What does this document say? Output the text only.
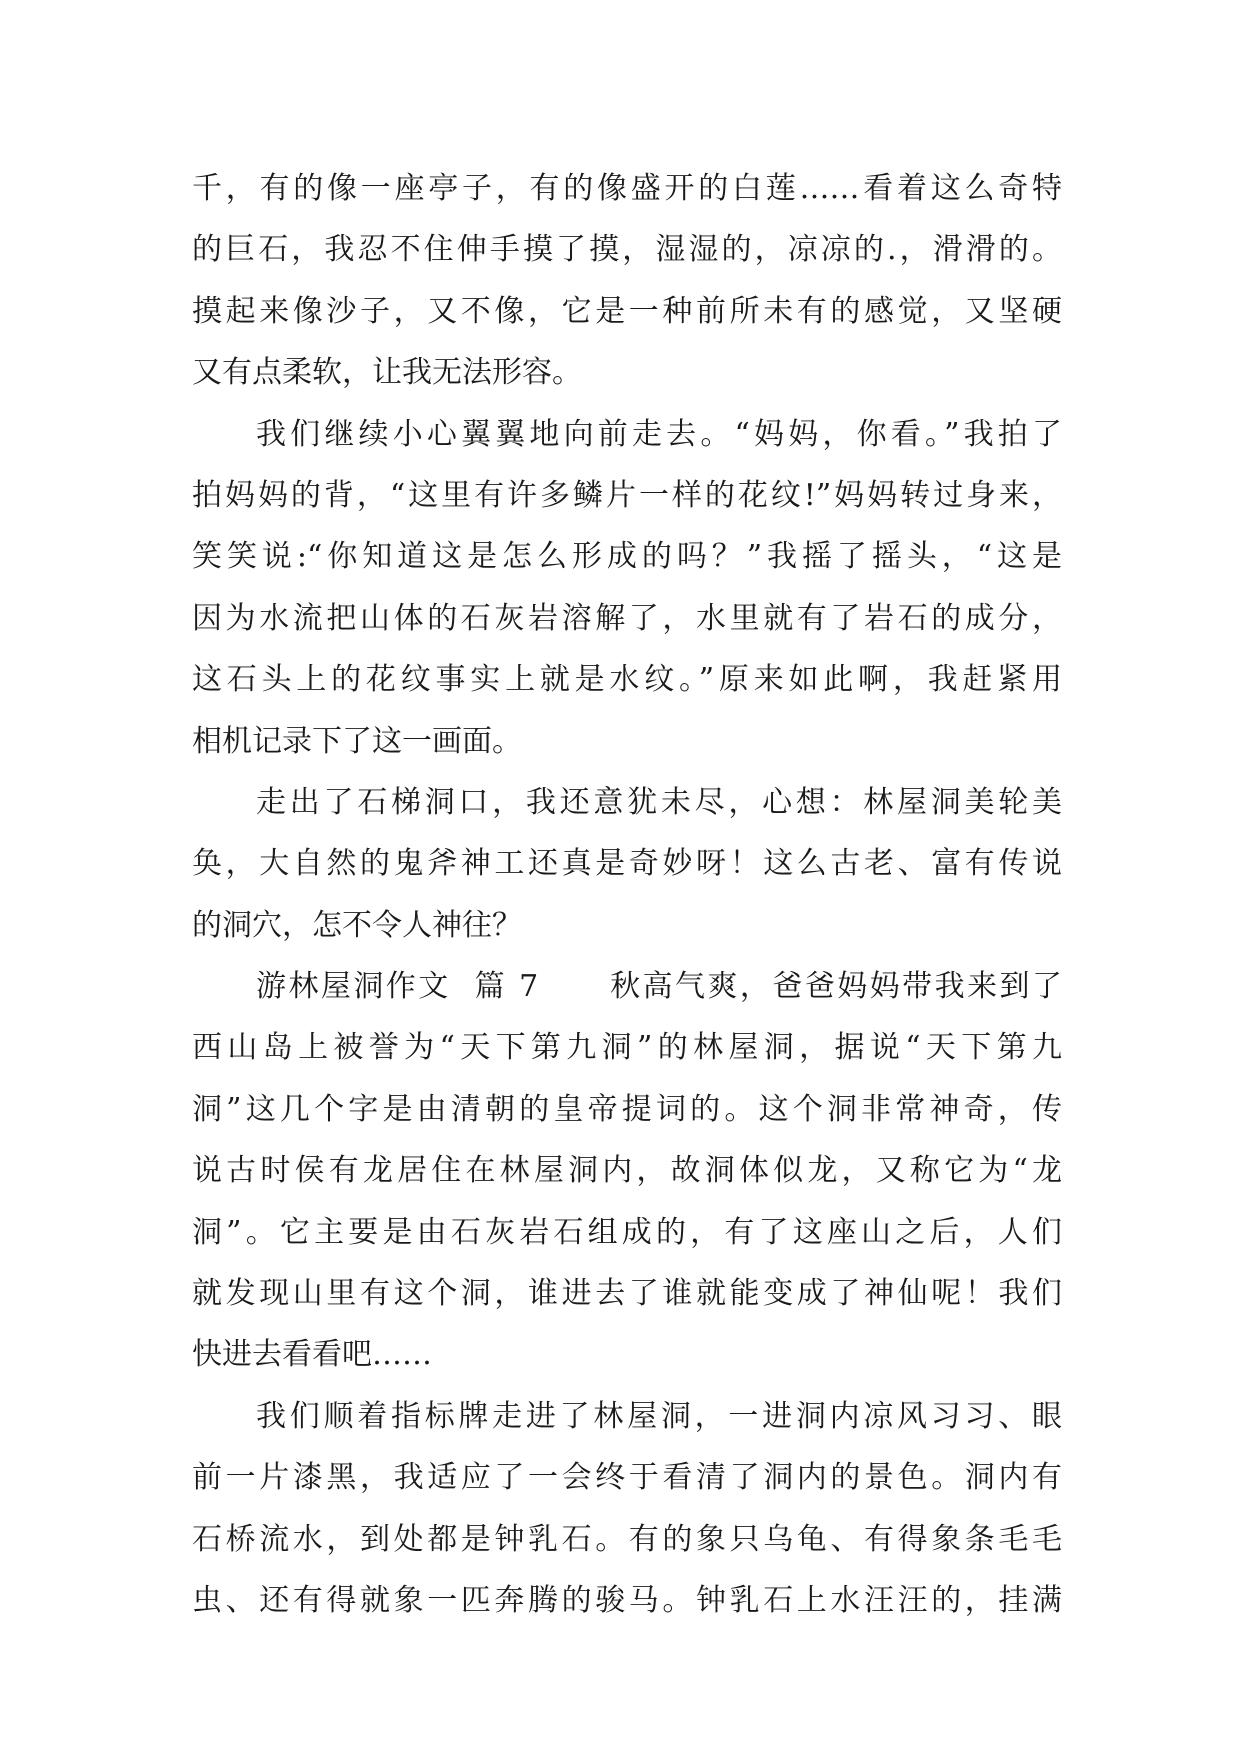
千，有的像一座亭子，有的像盛开的白莲……看着这么奇特
的巨石，我忍不住伸手摸了摸，湿湿的，凉凉的.，滑滑的。
摸起来像沙子，又不像，它是一种前所未有的感觉，又坚硬
又有点柔软，让我无法形容。
我们继续小心翼翼地向前走去。“妈妈，你看。”我拍了
拍妈妈的背，“这里有许多鳞片一样的花纹!”妈妈转过身来，
笑笑说:“你知道这是怎么形成的吗？”我摇了摇头，“这是
因为水流把山体的石灰岩溶解了，水里就有了岩石的成分，
这石头上的花纹事实上就是水纹。”原来如此啊，我赶紧用
相机记录下了这一画面。
走出了石梯洞口，我还意犹未尽，心想：林屋洞美轮美
奂，大自然的鬼斧神工还真是奇妙呀！这么古老、富有传说
的洞穴，怎不令人神往？
游林屋洞作文  篇 7      秋高气爽，爸爸妈妈带我来到了
西山岛上被誉为“天下第九洞”的林屋洞，据说“天下第九
洞”这几个字是由清朝的皇帝提词的。这个洞非常神奇，传
说古时侯有龙居住在林屋洞内，故洞体似龙，又称它为“龙
洞”。它主要是由石灰岩石组成的，有了这座山之后，人们
就发现山里有这个洞，谁进去了谁就能变成了神仙呢！我们
快进去看看吧……
我们顺着指标牌走进了林屋洞，一进洞内凉风习习、眼
前一片漆黑，我适应了一会终于看清了洞内的景色。洞内有
石桥流水，到处都是钟乳石。有的象只乌龟、有得象条毛毛
虫、还有得就象一匹奔腾的骏马。钟乳石上水汪汪的，挂满
